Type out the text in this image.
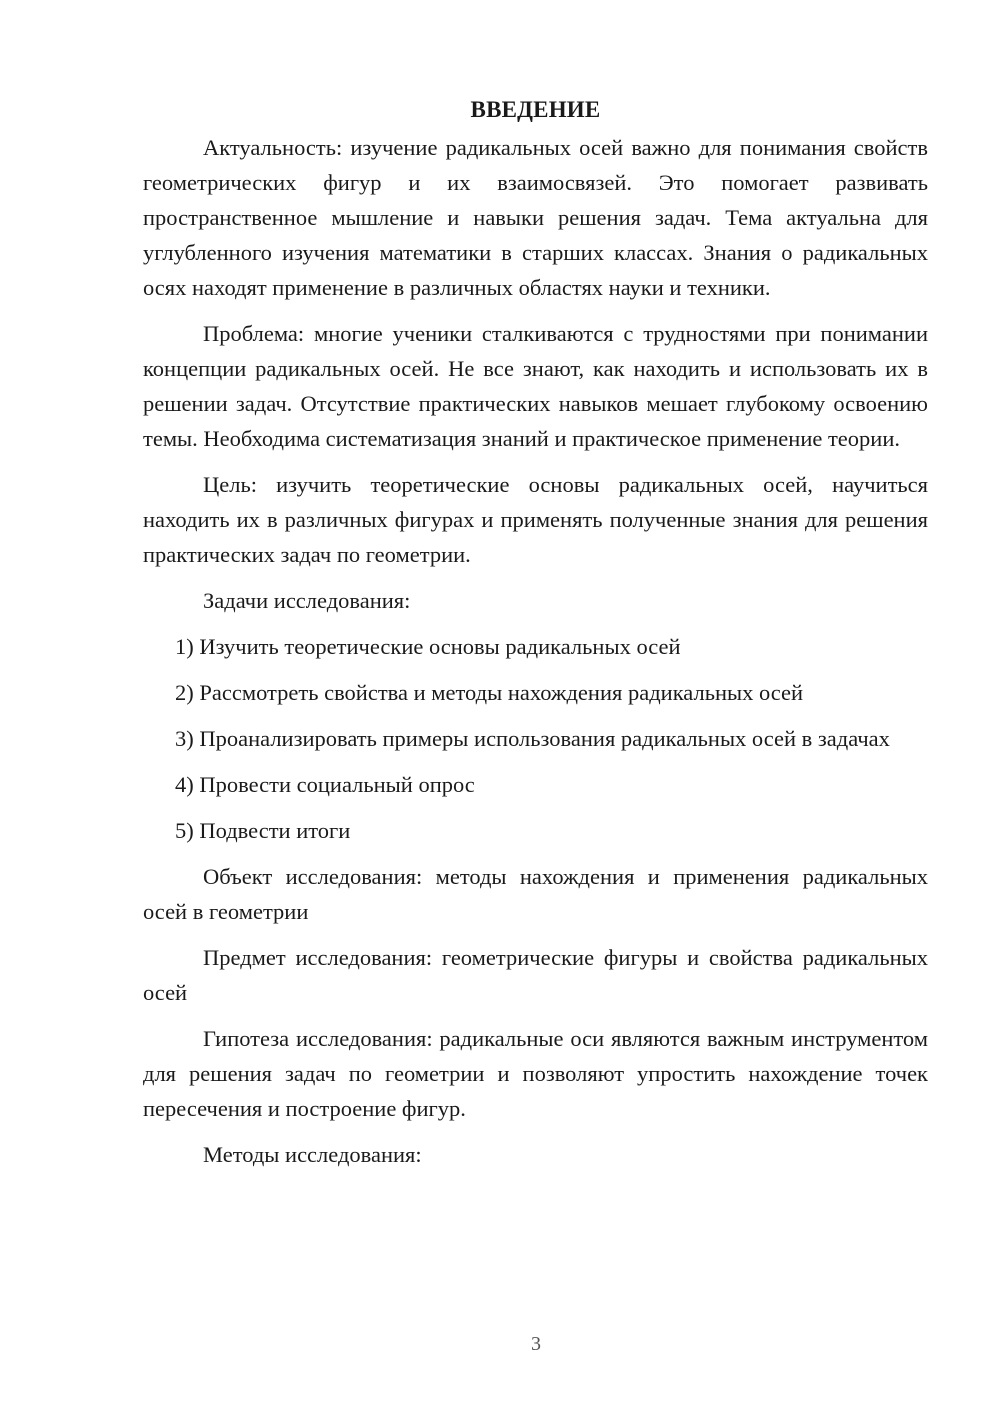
ВВЕДЕНИЕ

Актуальность: изучение радикальных осей важно для понимания свойств геометрических фигур и их взаимосвязей. Это помогает развивать пространственное мышление и навыки решения задач. Тема актуальна для углубленного изучения математики в старших классах. Знания о радикальных осях находят применение в различных областях науки и техники.

Проблема: многие ученики сталкиваются с трудностями при понимании концепции радикальных осей. Не все знают, как находить и использовать их в решении задач. Отсутствие практических навыков мешает глубокому освоению темы. Необходима систематизация знаний и практическое применение теории.

Цель: изучить теоретические основы радикальных осей, научиться находить их в различных фигурах и применять полученные знания для решения практических задач по геометрии.

Задачи исследования:

1) Изучить теоретические основы радикальных осей

2) Рассмотреть свойства и методы нахождения радикальных осей

3) Проанализировать примеры использования радикальных осей в задачах

4) Провести социальный опрос

5) Подвести итоги

Объект исследования: методы нахождения и применения радикальных осей в геометрии

Предмет исследования: геометрические фигуры и свойства радикальных осей

Гипотеза исследования: радикальные оси являются важным инструментом для решения задач по геометрии и позволяют упростить нахождение точек пересечения и построение фигур.

Методы исследования:

3
